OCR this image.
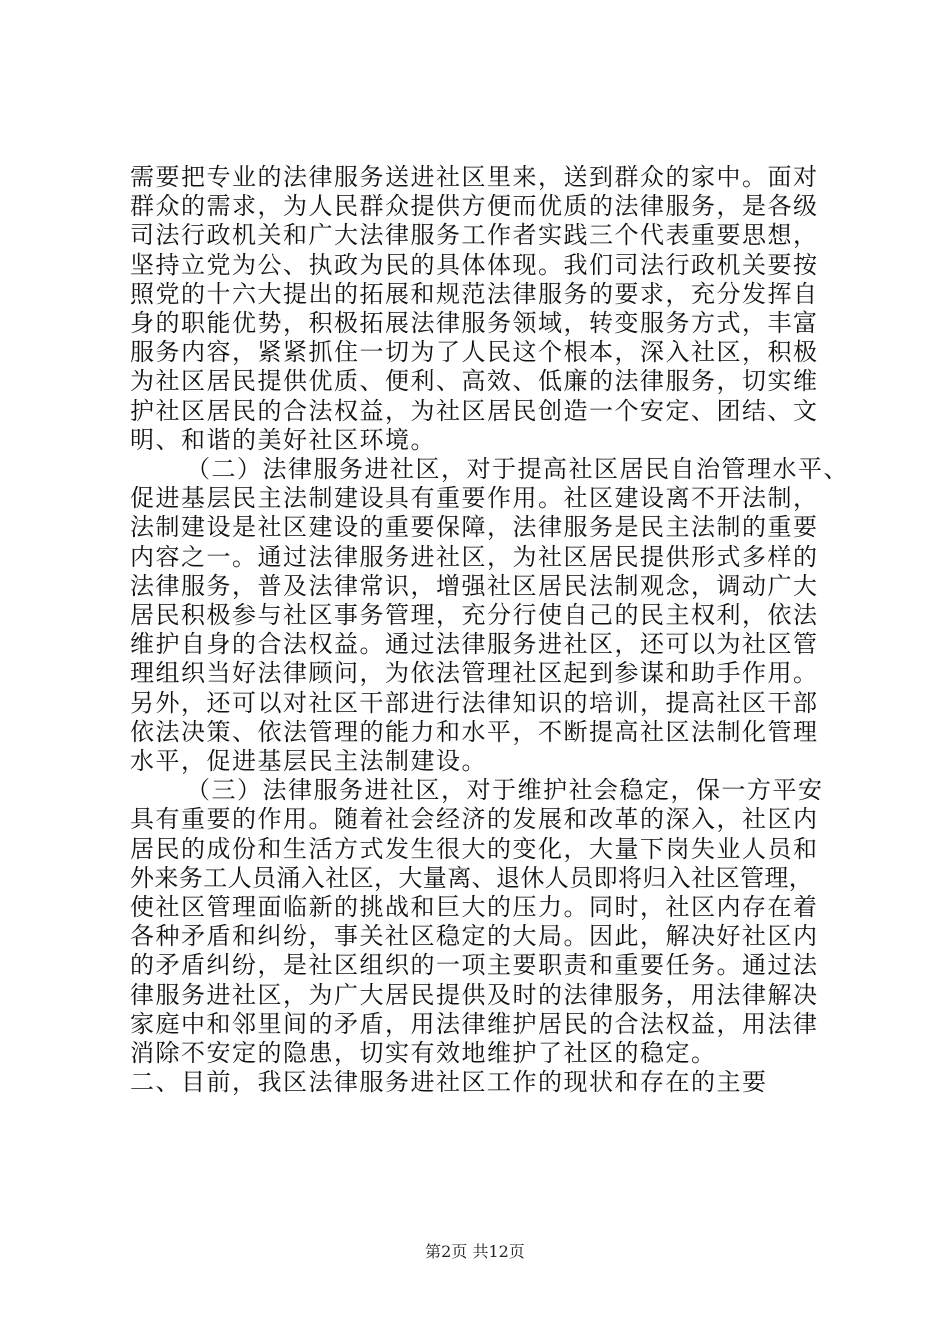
需要把专业的法律服务送进社区里来，送到群众的家中。面对
群众的需求，为人民群众提供方便而优质的法律服务，是各级
司法行政机关和广大法律服务工作者实践三个代表重要思想，
坚持立党为公、执政为民的具体体现。我们司法行政机关要按
照党的十六大提出的拓展和规范法律服务的要求，充分发挥自
身的职能优势，积极拓展法律服务领域，转变服务方式，丰富
服务内容，紧紧抓住一切为了人民这个根本，深入社区，积极
为社区居民提供优质、便利、高效、低廉的法律服务，切实维
护社区居民的合法权益，为社区居民创造一个安定、团结、文
明、和谐的美好社区环境。
（二）法律服务进社区，对于提高社区居民自治管理水平、
促进基层民主法制建设具有重要作用。社区建设离不开法制，
法制建设是社区建设的重要保障，法律服务是民主法制的重要
内容之一。通过法律服务进社区，为社区居民提供形式多样的
法律服务，普及法律常识，增强社区居民法制观念，调动广大
居民积极参与社区事务管理，充分行使自己的民主权利，依法
维护自身的合法权益。通过法律服务进社区，还可以为社区管
理组织当好法律顾问，为依法管理社区起到参谋和助手作用。
另外，还可以对社区干部进行法律知识的培训，提高社区干部
依法决策、依法管理的能力和水平，不断提高社区法制化管理
水平，促进基层民主法制建设。
（三）法律服务进社区，对于维护社会稳定，保一方平安
具有重要的作用。随着社会经济的发展和改革的深入，社区内
居民的成份和生活方式发生很大的变化，大量下岗失业人员和
外来务工人员涌入社区，大量离、退休人员即将归入社区管理，
使社区管理面临新的挑战和巨大的压力。同时，社区内存在着
各种矛盾和纠纷，事关社区稳定的大局。因此，解决好社区内
的矛盾纠纷，是社区组织的一项主要职责和重要任务。通过法
律服务进社区，为广大居民提供及时的法律服务，用法律解决
家庭中和邻里间的矛盾，用法律维护居民的合法权益，用法律
消除不安定的隐患，切实有效地维护了社区的稳定。
二、目前，我区法律服务进社区工作的现状和存在的主要
第2页 共12页
